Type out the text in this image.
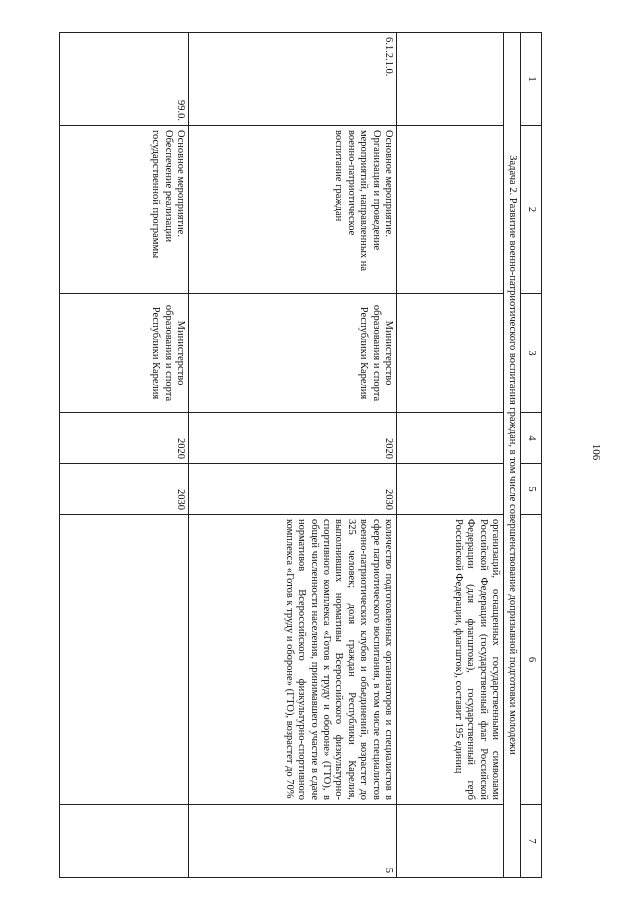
106
1	2	3	4	5	6	7
Задача 2. Развитие военно-патриотического воспитания граждан, в том числе совершенствование допризывной подготовки молодежи						
					организаций, оснащенных государственными символами Российской Федерации (государственный флаг Российской Федерации (для флагштока), государственный герб Российской Федерации, флагшток), составит 195 единиц	
6.1.2.1.0.	Основное мероприятие. Организация и проведение мероприятий, направленных на военно-патриотическое воспитание граждан	Министерство образования и спорта Республики Карелия	2020	2030	количество подготовленных организаторов и специалистов в сфере патриотического воспитания, в том числе специалистов военно-патриотических клубов и объединений, возрастет до 325 человек; доля граждан Республики Карелия, выполнивших нормативы Всероссийского физкультурно-спортивного комплекса «Готов к труду и обороне» (ГТО), в общей численности населения, принимавшего участие в сдаче нормативов Всероссийского физкультурно-спортивного комплекса «Готов к труду и обороне» (ГТО), возрастет до 70%	5
99.0.	Основное мероприятие. Обеспечение реализации государственной программы	Министерство образования и спорта Республики Карелия	2020	2030		
